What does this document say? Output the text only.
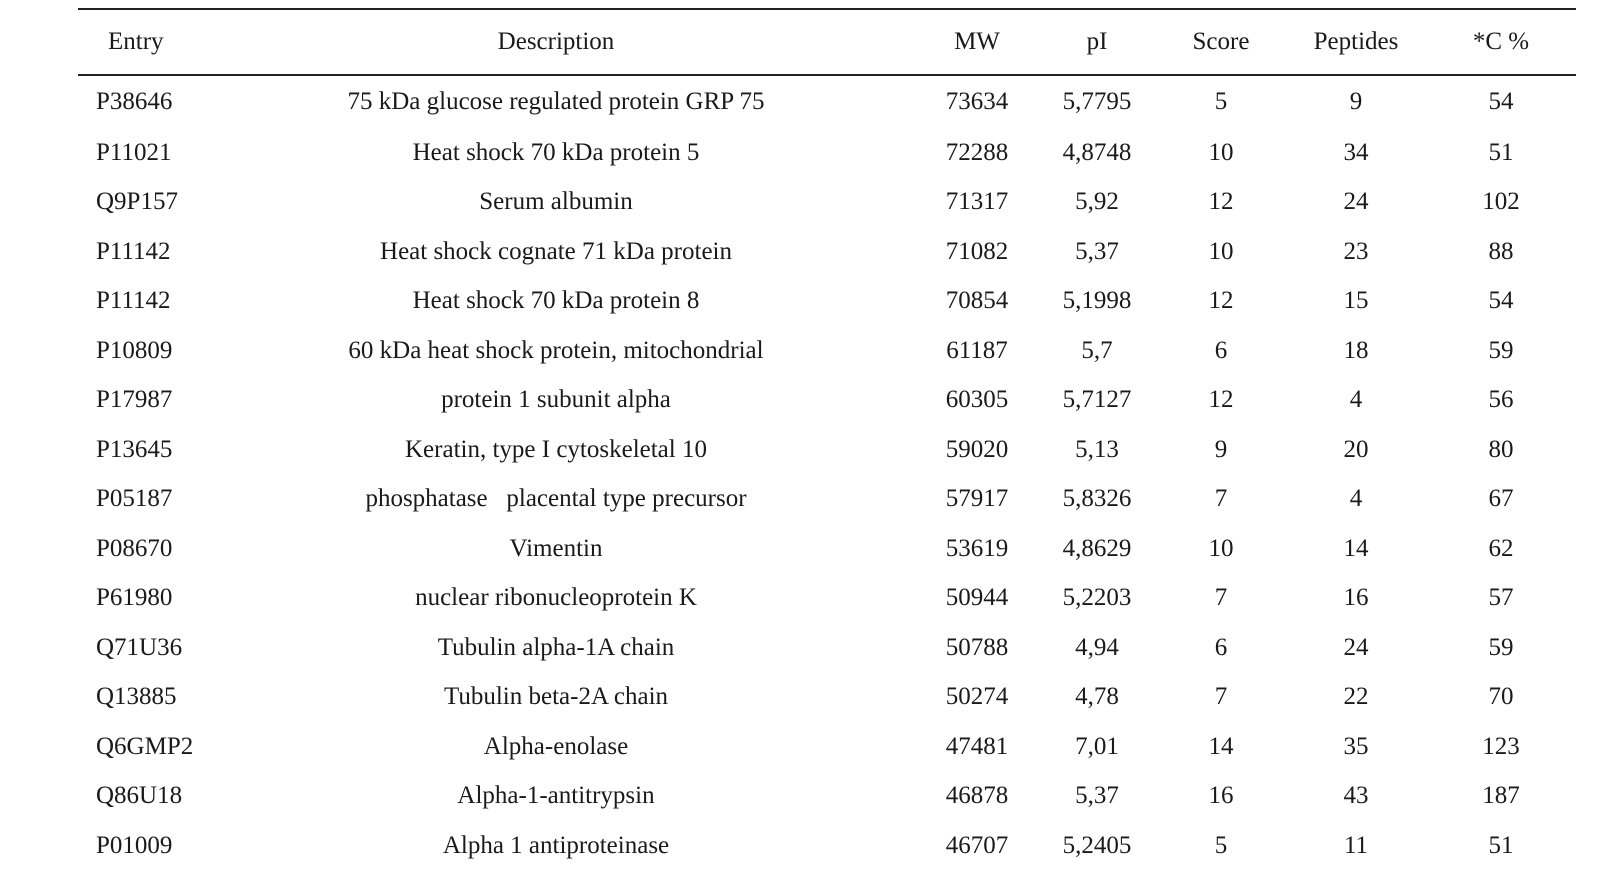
Entry	Description	MW	pI	Score	Peptides	*C %
P38646	75 kDa glucose regulated protein GRP 75	73634	5,7795	5	9	54
P11021	Heat shock 70 kDa protein 5	72288	4,8748	10	34	51
Q9P157	Serum albumin	71317	5,92	12	24	102
P11142	Heat shock cognate 71 kDa protein	71082	5,37	10	23	88
P11142	Heat shock 70 kDa protein 8	70854	5,1998	12	15	54
P10809	60 kDa heat shock protein, mitochondrial	61187	5,7	6	18	59
P17987	protein 1 subunit alpha	60305	5,7127	12	4	56
P13645	Keratin, type I cytoskeletal 10	59020	5,13	9	20	80
P05187	phosphatase   placental type precursor	57917	5,8326	7	4	67
P08670	Vimentin	53619	4,8629	10	14	62
P61980	nuclear ribonucleoprotein K	50944	5,2203	7	16	57
Q71U36	Tubulin alpha-1A chain	50788	4,94	6	24	59
Q13885	Tubulin beta-2A chain	50274	4,78	7	22	70
Q6GMP2	Alpha-enolase	47481	7,01	14	35	123
Q86U18	Alpha-1-antitrypsin	46878	5,37	16	43	187
P01009	Alpha 1 antiproteinase	46707	5,2405	5	11	51
